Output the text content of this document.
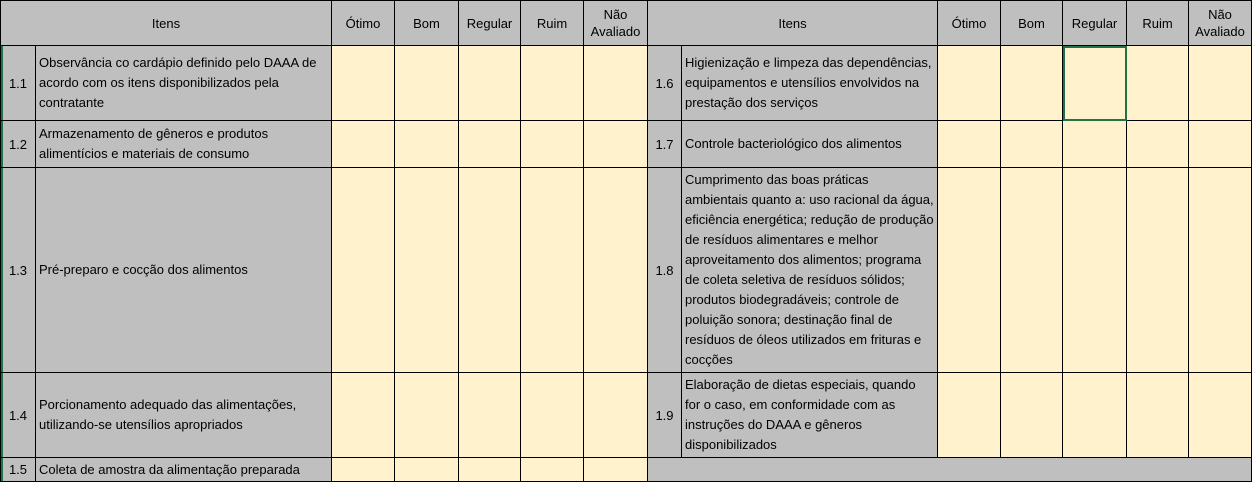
Itens		Ótimo	Bom	Regular	Ruim	Não Avaliado	Itens		Ótimo	Bom	Regular	Ruim	Não Avaliado
1.1	Observância co cardápio definido pelo DAAA de acordo com os itens disponibilizados pela contratante						1.6	Higienização e limpeza das dependências, equipamentos e utensílios envolvidos na prestação dos serviços					
1.2	Armazenamento de gêneros e produtos alimentícios e materiais de consumo						1.7	Controle bacteriológico dos alimentos					
1.3	Pré-preparo e cocção dos alimentos						1.8	Cumprimento das boas práticas ambientais quanto a: uso racional da água, eficiência energética; redução de produção de resíduos alimentares e melhor aproveitamento dos alimentos; programa de coleta seletiva de resíduos sólidos; produtos biodegradáveis; controle de poluição sonora; destinação final de resíduos de óleos utilizados em frituras e cocções					
1.4	Porcionamento adequado das alimentações, utilizando-se utensílios apropriados						1.9	Elaboração de dietas especiais, quando for o caso, em conformidade com as instruções do DAAA e gêneros disponibilizados					
1.5	Coleta de amostra da alimentação preparada												
